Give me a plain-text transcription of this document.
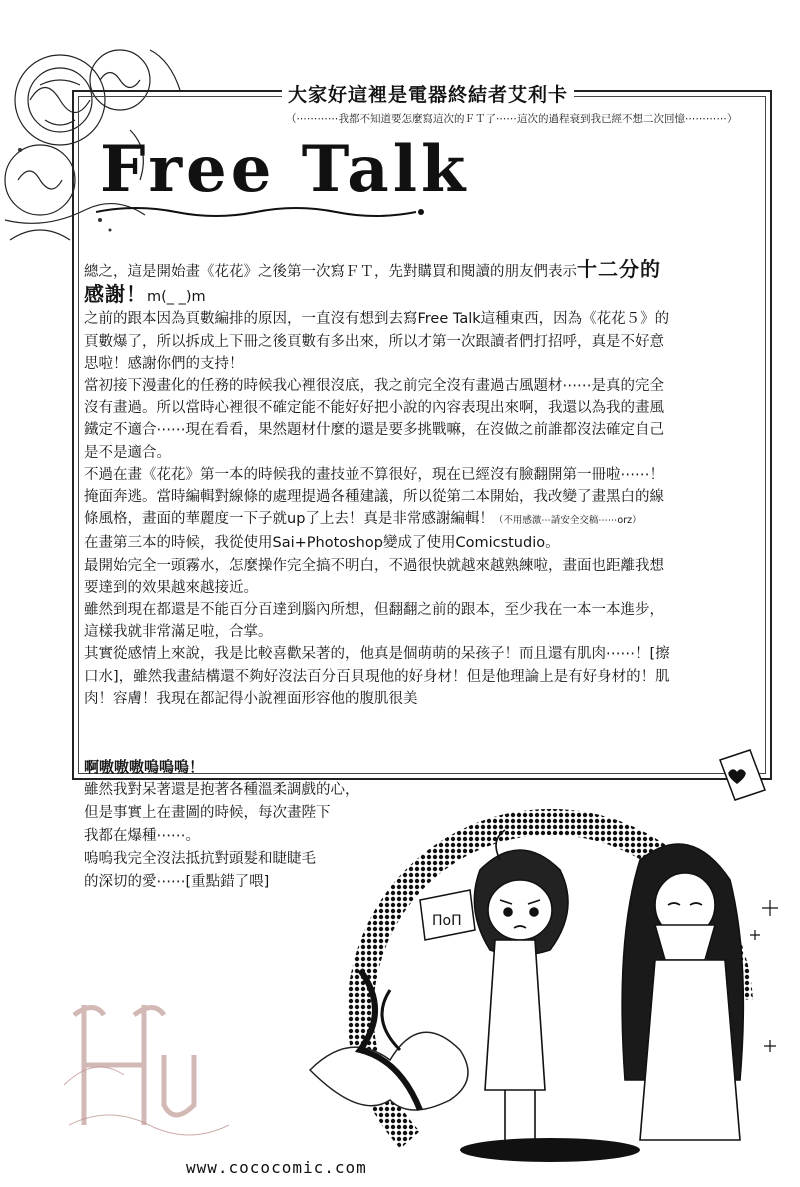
大家好這裡是電器終結者艾利卡
（⋯⋯⋯⋯我都不知道要怎麼寫這次的ＦＴ了⋯⋯這次的過程衰到我已經不想二次回憶⋯⋯⋯⋯）
Free Talk

總之，這是開始畫《花花》之後第一次寫ＦＴ，先對購買和閱讀的朋友們表示十二分的感謝！m(_ _)m

之前的跟本因為頁數編排的原因，一直沒有想到去寫Free Talk這種東西，因為《花花５》的頁數爆了，所以拆成上下冊之後頁數有多出來，所以才第一次跟讀者們打招呼，真是不好意思啦！感謝你們的支持！

當初接下漫畫化的任務的時候我心裡很沒底，我之前完全沒有畫過古風題材⋯⋯是真的完全沒有畫過。所以當時心裡很不確定能不能好好把小說的內容表現出來啊，我還以為我的畫風鐵定不適合⋯⋯現在看看，果然題材什麼的還是要多挑戰嘛，在沒做之前誰都沒法確定自己是不是適合。

不過在畫《花花》第一本的時候我的畫技並不算很好，現在已經沒有臉翻開第一冊啦⋯⋯！掩面奔逃。當時編輯對線條的處理提過各種建議，所以從第二本開始，我改變了畫黑白的線條風格，畫面的華麗度一下子就up了上去！真是非常感謝編輯！（不用感激⋯請安全交稿⋯⋯orz）

在畫第三本的時候，我從使用Sai+Photoshop變成了使用Comicstudio。

最開始完全一頭霧水，怎麼操作完全搞不明白，不過很快就越來越熟練啦，畫面也距離我想要達到的效果越來越接近。

雖然到現在都還是不能百分百達到腦內所想，但翻翻之前的跟本，至少我在一本一本進步，這樣我就非常滿足啦，合掌。

其實從感情上來說，我是比較喜歡呆著的，他真是個萌萌的呆孩子！而且還有肌肉⋯⋯！[擦口水]，雖然我畫結構還不夠好沒法百分百貝現他的好身材！但是他理論上是有好身材的！肌肉！容膚！我現在都記得小說裡面形容他的腹肌很美

啊嗷嗷嗷嗚嗚嗚！

雖然我對呆著還是抱著各種溫柔調戲的心，

但是事實上在畫圖的時候，每次畫陛下

我都在爆種⋯⋯。

嗚嗚我完全沒法抵抗對頭髮和睫睫毛

的深切的愛⋯⋯[重點錯了喂]

ΠoΠ
www.cococomic.com
